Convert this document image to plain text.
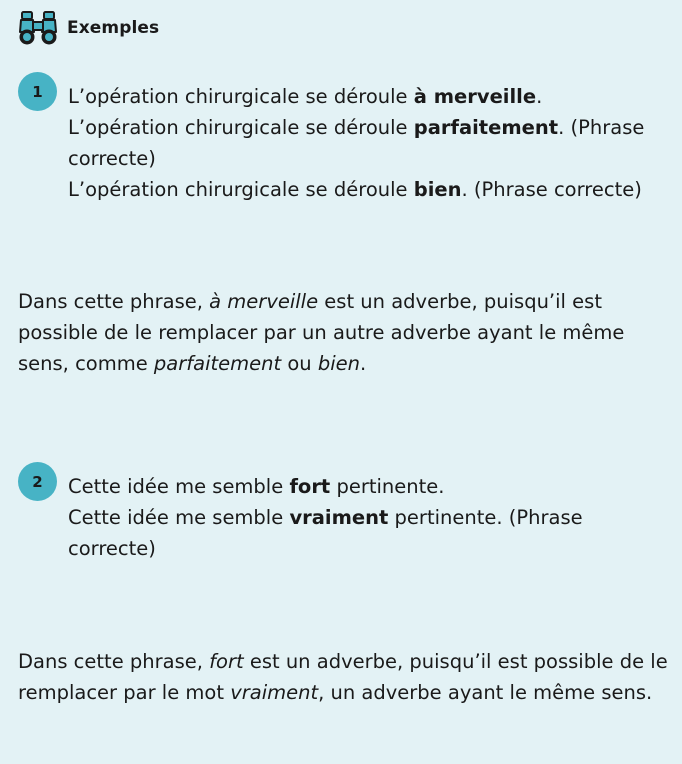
Exemples
1	L’opération chirurgicale se déroule à merveille.

L’opération chirurgicale se déroule parfaitement. (Phrase correcte)

L’opération chirurgicale se déroule bien. (Phrase correcte)

Dans cette phrase, à merveille est un adverbe, puisqu’il est possible de le remplacer par un autre adverbe ayant le même sens, comme parfaitement ou bien.

2	Cette idée me semble fort pertinente.

Cette idée me semble vraiment pertinente. (Phrase correcte)

Dans cette phrase, fort est un adverbe, puisqu’il est possible de le remplacer par le mot vraiment, un adverbe ayant le même sens.
